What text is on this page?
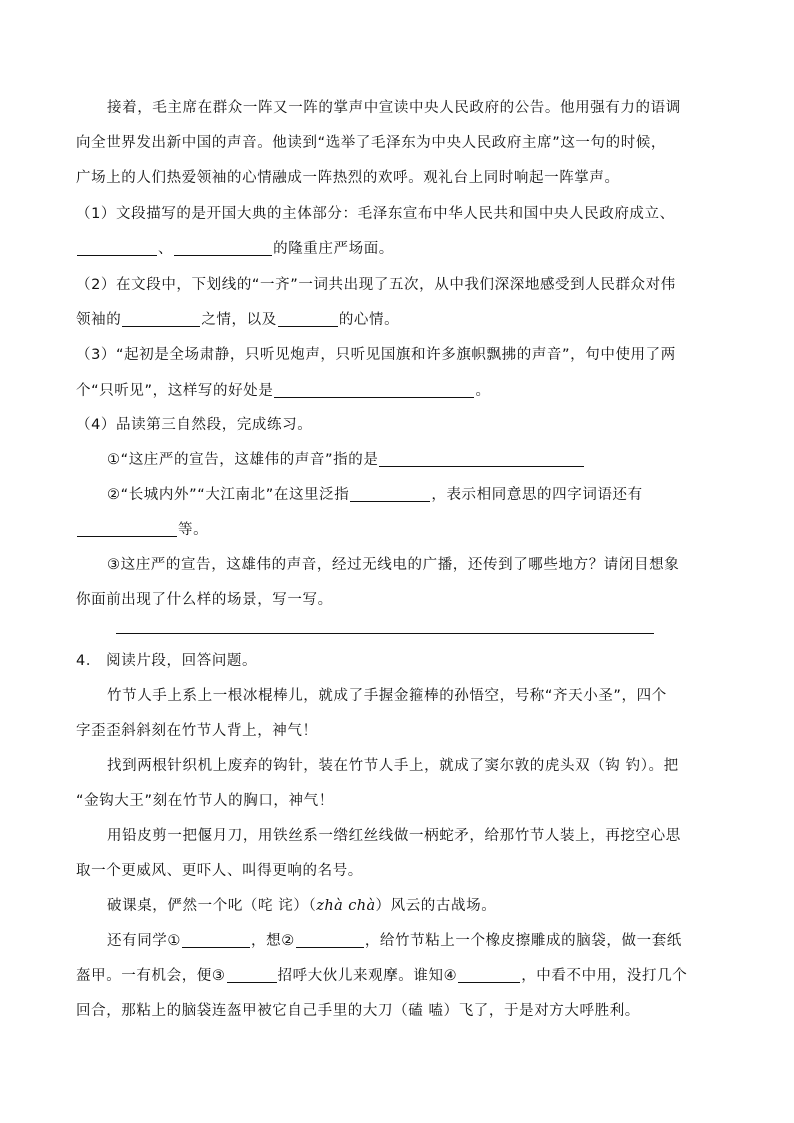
接着，毛主席在群众一阵又一阵的掌声中宣读中央人民政府的公告。他用强有力的语调
向全世界发出新中国的声音。他读到“选举了毛泽东为中央人民政府主席”这一句的时候，
广场上的人们热爱领袖的心情融成一阵热烈的欢呼。观礼台上同时响起一阵掌声。
（1）文段描写的是开国大典的主体部分：毛泽东宣布中华人民共和国中央人民政府成立、
、	的隆重庄严场面。
（2）在文段中，下划线的“一齐”一词共出现了五次，从中我们深深地感受到人民群众对伟
领袖的	之情，以及	的心情。
（3）“起初是全场肃静，只听见炮声，只听见国旗和许多旗帜飘拂的声音”，句中使用了两
个“只听见”，这样写的好处是	。
（4）品读第三自然段，完成练习。
①“这庄严的宣告，这雄伟的声音”指的是
②“长城内外”“大江南北”在这里泛指	，表示相同意思的四字词语还有
等。
③这庄严的宣告，这雄伟的声音，经过无线电的广播，还传到了哪些地方？请闭目想象
你面前出现了什么样的场景，写一写。
4． 阅读片段，回答问题。
竹节人手上系上一根冰棍棒儿，就成了手握金箍棒的孙悟空，号称“齐天小圣”，四个
字歪歪斜斜刻在竹节人背上，神气！
找到两根针织机上废弃的钩针，装在竹节人手上，就成了窦尔敦的虎头双（钩 钓）。把
“金钩大王”刻在竹节人的胸口，神气！
用铅皮剪一把偃月刀，用铁丝系一绺红丝线做一柄蛇矛，给那竹节人装上，再挖空心思
取一个更威风、更吓人、叫得更响的名号。
破课桌，俨然一个叱（咤 诧）（zhà chà）风云的古战场。
还有同学①	，想②	，给竹节粘上一个橡皮擦雕成的脑袋，做一套纸
盔甲。一有机会，便③	招呼大伙儿来观摩。谁知④	，中看不中用，没打几个
回合，那粘上的脑袋连盔甲被它自己手里的大刀（磕 嗑）飞了，于是对方大呼胜利。
